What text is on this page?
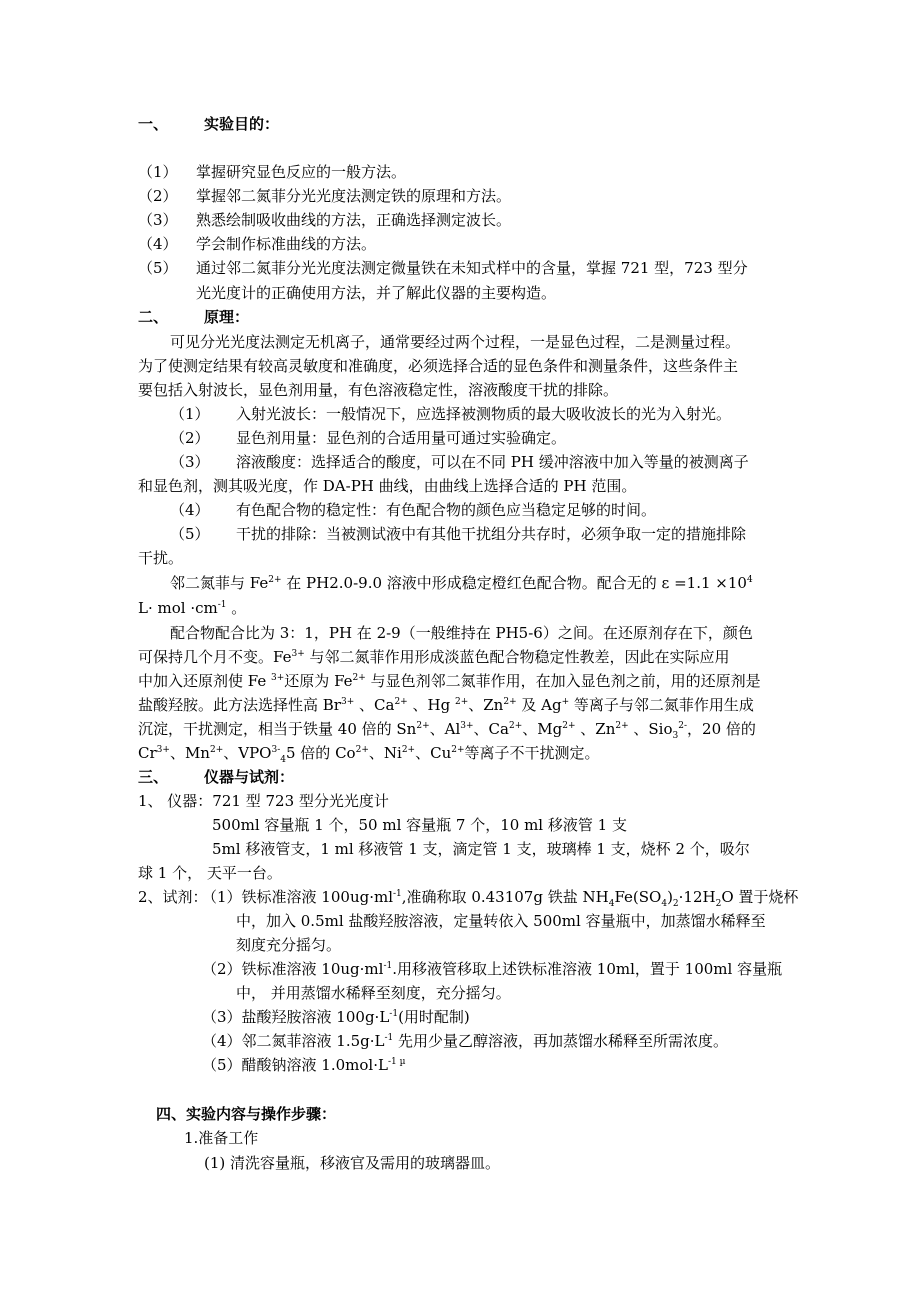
一、 实验目的：
（1） 掌握研究显色反应的一般方法。
（2） 掌握邻二氮菲分光光度法测定铁的原理和方法。
（3） 熟悉绘制吸收曲线的方法，正确选择测定波长。
（4） 学会制作标准曲线的方法。
（5） 通过邻二氮菲分光光度法测定微量铁在未知式样中的含量，掌握 721 型，723 型分
光光度计的正确使用方法，并了解此仪器的主要构造。
二、 原理：
可见分光光度法测定无机离子，通常要经过两个过程，一是显色过程，二是测量过程。
为了使测定结果有较高灵敏度和准确度，必须选择合适的显色条件和测量条件，这些条件主
要包括入射波长，显色剂用量，有色溶液稳定性，溶液酸度干扰的排除。
（1） 入射光波长：一般情况下，应选择被测物质的最大吸收波长的光为入射光。
（2） 显色剂用量：显色剂的合适用量可通过实验确定。
（3） 溶液酸度：选择适合的酸度，可以在不同 PH 缓冲溶液中加入等量的被测离子
和显色剂，测其吸光度，作 DA-PH 曲线，由曲线上选择合适的 PH 范围。
（4） 有色配合物的稳定性：有色配合物的颜色应当稳定足够的时间。
（5） 干扰的排除：当被测试液中有其他干扰组分共存时，必须争取一定的措施排除
干扰。
邻二氮菲与 $Fe^{2+}$ 在 PH2.0-9.0 溶液中形成稳定橙红色配合物。配合无的 $\varepsilon =1.1 \times 10^4$
L· mol $\cdot cm^{-1}$ 。
配合物配合比为 3：1，PH 在 2-9（一般维持在 PH5-6）之间。在还原剂存在下，颜色
可保持几个月不变。$Fe^{3+}$ 与邻二氮菲作用形成淡蓝色配合物稳定性教差，因此在实际应用
中加入还原剂使 Fe $^{3+}$还原为 $Fe^{2+}$ 与显色剂邻二氮菲作用，在加入显色剂之前，用的还原剂是
盐酸羟胺。此方法选择性高 $Br^{3+}$ 、$Ca^{2+}$ 、Hg $^{2+}$、$Zn^{2+}$ 及 Ag+ 等离子与邻二氮菲作用生成
沉淀，干扰测定，相当于铁量 40 倍的 $Sn^{2+}$、$Al^{3+}$、$Ca^{2+}$、$Mg^{2+}$ 、$Zn^{2+}$ 、Sio$_3^{2-}$，20 倍的
$Cr^{3+}$、$Mn^{2+}$、$VPO^{3-}_45$ 倍的 $Co^{2+}$、$Ni^{2+}$、$Cu^{2+}$等离子不干扰测定。
三、 仪器与试剂：
1、 仪器：721 型 723 型分光光度计
500ml 容量瓶 1 个，50 ml 容量瓶 7 个，10 ml 移液管 1 支
5ml 移液管支，1 ml 移液管 1 支，滴定管 1 支，玻璃棒 1 支，烧杯 2 个，吸尔
球 1 个， 天平一台。
2、试剂：
（1）铁标准溶液 $100ug\cdot ml^{-1}$,准确称取 0.43107g 铁盐 $NH_4Fe(SO_4)_2\cdot 12H_2O$ 置于烧杯
中，加入 0.5ml 盐酸羟胺溶液，定量转依入 500ml 容量瓶中，加蒸馏水稀释至
刻度充分摇匀。
（2）铁标准溶液 $10ug\cdot ml^{-1}$.用移液管移取上述铁标准溶液 10ml，置于 100ml 容量瓶
中， 并用蒸馏水稀释至刻度，充分摇匀。
（3）盐酸羟胺溶液 $100g\cdot L^{-1}$(用时配制)
（4）邻二氮菲溶液 $1.5g\cdot L^{-1}$ 先用少量乙醇溶液，再加蒸馏水稀释至所需浓度。
（5）醋酸钠溶液 $1.0mol\cdot L^{-1 \mu}$
四、实验内容与操作步骤：
1.准备工作
(1) 清洗容量瓶，移液官及需用的玻璃器皿。
